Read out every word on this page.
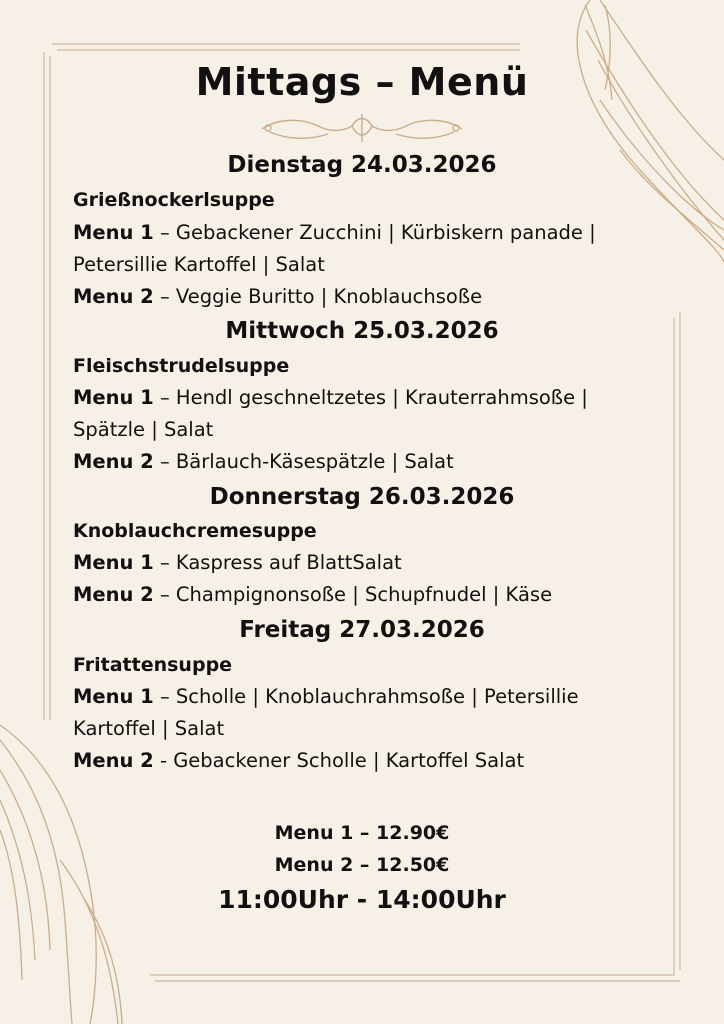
Mittags – Menü
Dienstag 24.03.2026
Grießnockerlsuppe
Menu 1 – Gebackener Zucchini | Kürbiskern panade |
Petersillie Kartoffel | Salat
Menu 2 – Veggie Buritto | Knoblauchsoße
Mittwoch 25.03.2026
Fleischstrudelsuppe
Menu 1 – Hendl geschneltzetes | Krauterrahmsoße |
Spätzle | Salat
Menu 2 – Bärlauch-Käsespätzle | Salat
Donnerstag 26.03.2026
Knoblauchcremesuppe
Menu 1 – Kaspress auf BlattSalat
Menu 2 – Champignonsoße | Schupfnudel | Käse
Freitag 27.03.2026
Fritattensuppe
Menu 1 – Scholle | Knoblauchrahmsoße | Petersillie
Kartoffel | Salat
Menu 2 - Gebackener Scholle | Kartoffel Salat
Menu 1 – 12.90€
Menu 2 – 12.50€
11:00Uhr - 14:00Uhr
